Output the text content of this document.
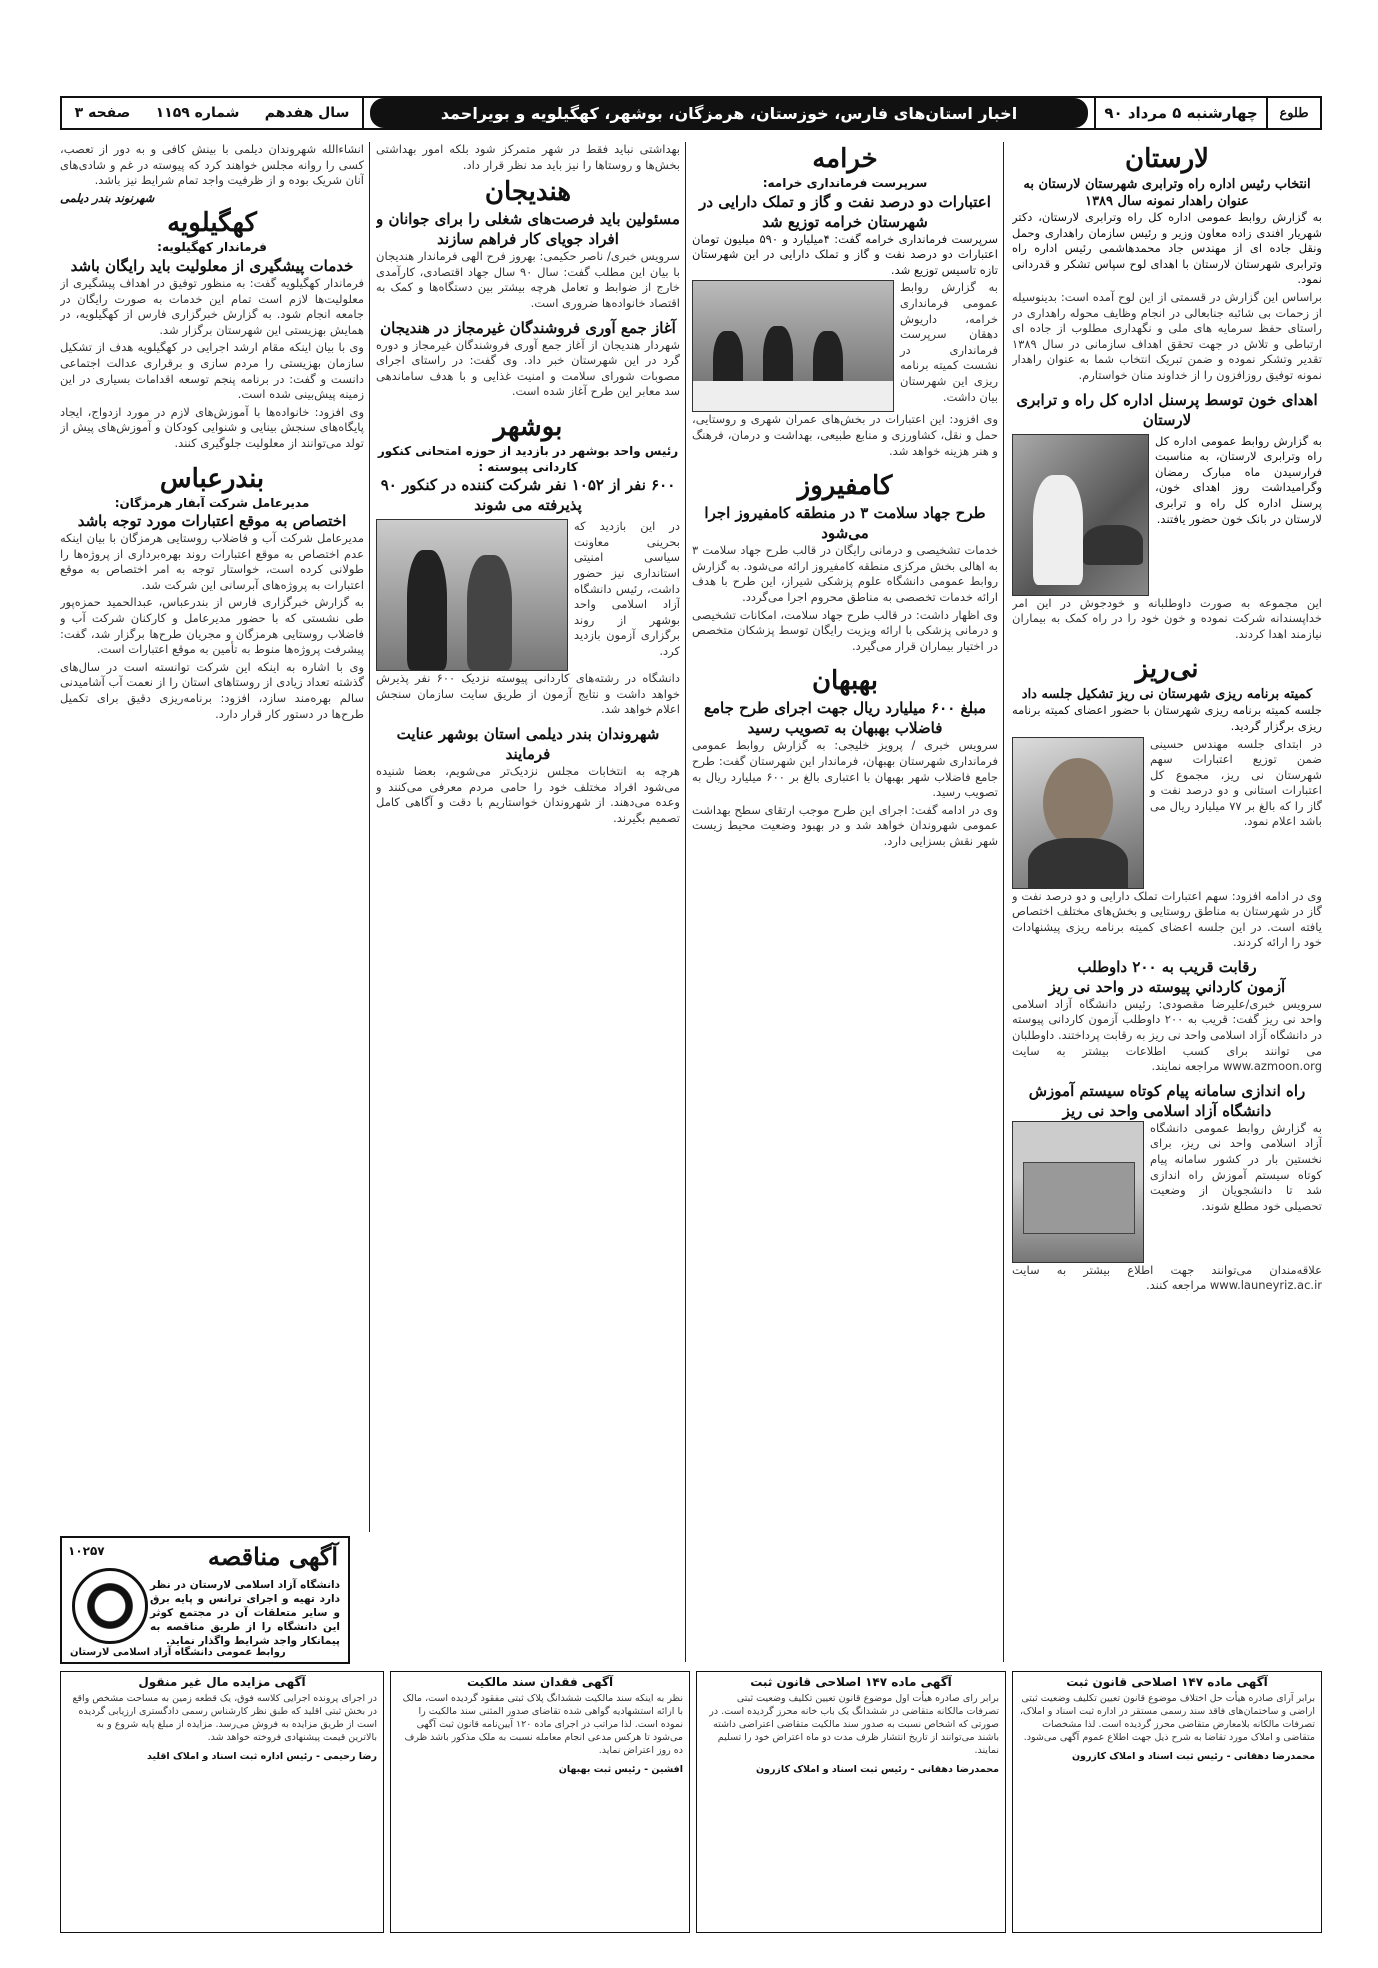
طلوع
چهارشنبه ۵ مرداد ۹۰
اخبار استان‌های فارس، خوزستان، هرمزگان، بوشهر، کهگیلویه و بویراحمد
سال هفدهم
شماره ۱۱۵۹
صفحه ۳
لارستان
انتخاب رئیس اداره راه وترابری شهرستان لارستان به عنوان راهدار نمونه سال ۱۳۸۹

به گزارش روابط عمومی اداره کل راه وترابری لارستان، دکتر شهریار افندی زاده معاون وزیر و رئیس سازمان راهداری وحمل ونقل جاده ای از مهندس جاد محمدهاشمی رئیس اداره راه وترابری شهرستان لارستان با اهدای لوح سپاس تشکر و قدردانی نمود.

براساس این گزارش در قسمتی از این لوح آمده است: بدینوسیله از زحمات بی شائبه جنابعالی در انجام وظایف محوله راهداری در راستای حفظ سرمایه های ملی و نگهداری مطلوب از جاده ای ارتباطی و تلاش در جهت تحقق اهداف سازمانی در سال ۱۳۸۹ تقدیر وتشکر نموده و ضمن تبریک انتخاب شما به عنوان راهدار نمونه توفیق روزافزون را از خداوند منان خواستارم.

اهدای خون توسط پرسنل اداره کل راه و ترابری لارستان

به گزارش روابط عمومی اداره کل راه وترابری لارستان، به مناسبت فرارسیدن ماه مبارک رمضان وگرامیداشت روز اهدای خون، پرسنل اداره کل راه و ترابری لارستان در بانک خون حضور یافتند.

این مجموعه به صورت داوطلبانه و خودجوش در این امر خداپسندانه شرکت نموده و خون خود را در راه کمک به بیماران نیازمند اهدا کردند.

نی‌ریز
کمیته برنامه ریزی شهرستان نی ریز تشکیل جلسه داد

جلسه کمیته برنامه ریزی شهرستان با حضور اعضای کمیته برنامه ریزی برگزار گردید.

در ابتدای جلسه مهندس حسینی ضمن توزیع اعتبارات سهم شهرستان نی ریز، مجموع کل اعتبارات استانی و دو درصد نفت و گاز را که بالغ بر ۷۷ میلیارد ریال می باشد اعلام نمود.

وی در ادامه افزود: سهم اعتبارات تملک دارایی و دو درصد نفت و گاز در شهرستان به مناطق روستایی و بخش‌های مختلف اختصاص یافته است. در این جلسه اعضای کمیته برنامه ریزی پیشنهادات خود را ارائه کردند.

رقابت قریب به ۲۰۰ داوطلب
آزمون کارداني پیوسته در واحد نی ریز

سرویس خبری/علیرضا مقصودی: رئیس دانشگاه آزاد اسلامی واحد نی ریز گفت: قریب به ۲۰۰ داوطلب آزمون کاردانی پیوسته در دانشگاه آزاد اسلامی واحد نی ریز به رقابت پرداختند. داوطلبان می توانند برای کسب اطلاعات بیشتر به سایت www.azmoon.org مراجعه نمایند.

راه اندازی سامانه پیام کوتاه سیستم آموزش دانشگاه آزاد اسلامی واحد نی ریز

به گزارش روابط عمومی دانشگاه آزاد اسلامی واحد نی ریز، برای نخستین بار در کشور سامانه پیام کوتاه سیستم آموزش راه اندازی شد تا دانشجویان از وضعیت تحصیلی خود مطلع شوند.

علاقه‌مندان می‌توانند جهت اطلاع بیشتر به سایت www.launeyriz.ac.ir مراجعه کنند.

خرامه
سرپرست فرمانداری خرامه:
اعتبارات دو درصد نفت و گاز و تملک دارایی در شهرستان خرامه توزیع شد

سرپرست فرمانداری خرامه گفت: ۴میلیارد و ۵۹۰ میلیون تومان اعتبارات دو درصد نفت و گاز و تملک دارایی در این شهرستان تازه تاسیس توزیع شد.

به گزارش روابط عمومی فرمانداری خرامه، داریوش دهقان سرپرست فرمانداری در نشست کمیته برنامه ریزی این شهرستان بیان داشت.

وی افزود: این اعتبارات در بخش‌های عمران شهری و روستایی، حمل و نقل، کشاورزی و منابع طبیعی، بهداشت و درمان، فرهنگ و هنر هزینه خواهد شد.

کامفیروز
طرح جهاد سلامت ۳ در منطقه کامفیروز اجرا می‌شود

خدمات تشخیصی و درمانی رایگان در قالب طرح جهاد سلامت ۳ به اهالی بخش مرکزی منطقه کامفیروز ارائه می‌شود. به گزارش روابط عمومی دانشگاه علوم پزشکی شیراز، این طرح با هدف ارائه خدمات تخصصی به مناطق محروم اجرا می‌گردد.

وی اظهار داشت: در قالب طرح جهاد سلامت، امکانات تشخیصی و درمانی پزشکی با ارائه ویزیت رایگان توسط پزشکان متخصص در اختیار بیماران قرار می‌گیرد.

بهبهان
مبلغ ۶۰۰ میلیارد ریال جهت اجرای طرح جامع فاضلاب بهبهان به تصویب رسید

سرویس خبری / پرویز خلیجی: به گزارش روابط عمومی فرمانداری شهرستان بهبهان، فرماندار این شهرستان گفت: طرح جامع فاضلاب شهر بهبهان با اعتباری بالغ بر ۶۰۰ میلیارد ریال به تصویب رسید.

وی در ادامه گفت: اجرای این طرح موجب ارتقای سطح بهداشت عمومی شهروندان خواهد شد و در بهبود وضعیت محیط زیست شهر نقش بسزایی دارد.

بهداشتی نباید فقط در شهر متمرکز شود بلکه امور بهداشتی بخش‌ها و روستاها را نیز باید مد نظر قرار داد.

هندیجان
مسئولین باید فرصت‌های شغلی را برای جوانان و افراد جویای کار فراهم سازند

سرویس خبری/ ناصر حکیمی: بهروز فرح الهی فرماندار هندیجان با بیان این مطلب گفت: سال ۹۰ سال جهاد اقتصادی، کارآمدی خارج از ضوابط و تعامل هرچه بیشتر بین دستگاه‌ها و کمک به اقتصاد خانواده‌ها ضروری است.

آغاز جمع آوری فروشندگان غیرمجاز در هندیجان

شهردار هندیجان از آغاز جمع آوری فروشندگان غیرمجاز و دوره گرد در این شهرستان خبر داد. وی گفت: در راستای اجرای مصوبات شورای سلامت و امنیت غذایی و با هدف ساماندهی سد معابر این طرح آغاز شده است.

بوشهر
رئیس واحد بوشهر در بازدید از حوزه امتحانی کنکور کاردانی پیوسته :
۶۰۰ نفر از ۱۰۵۲ نفر شرکت کننده در کنکور ۹۰ پذیرفته می شوند

در این بازدید که بحرینی معاونت سیاسی امنیتی استانداری نیز حضور داشت، رئیس دانشگاه آزاد اسلامی واحد بوشهر از روند برگزاری آزمون بازدید کرد.

دانشگاه در رشته‌های کاردانی پیوسته نزدیک ۶۰۰ نفر پذیرش خواهد داشت و نتایج آزمون از طریق سایت سازمان سنجش اعلام خواهد شد.

شهروندان بندر دیلمی استان بوشهر عنایت فرمایند

هرچه به انتخابات مجلس نزدیک‌تر می‌شویم، بعضا شنیده می‌شود افراد مختلف خود را حامی مردم معرفی می‌کنند و وعده می‌دهند. از شهروندان خواستاریم با دقت و آگاهی کامل تصمیم بگیرند.

انشاءالله شهروندان دیلمی با بینش کافی و به دور از تعصب، کسی را روانه مجلس خواهند کرد که پیوسته در غم و شادی‌های آنان شریک بوده و از ظرفیت واجد تمام شرایط نیز باشد.

شهرنوند بندر دیلمی
کهگیلویه
فرماندار کهگیلویه:
خدمات پیشگیری از معلولیت باید رایگان باشد

فرماندار کهگیلویه گفت: به منظور توفیق در اهداف پیشگیری از معلولیت‌ها لازم است تمام این خدمات به صورت رایگان در جامعه انجام شود. به گزارش خبرگزاری فارس از کهگیلویه، در همایش بهزیستی این شهرستان برگزار شد.

وی با بیان اینکه مقام ارشد اجرایی در کهگیلویه هدف از تشکیل سازمان بهزیستی را مردم سازی و برقراری عدالت اجتماعی دانست و گفت: در برنامه پنجم توسعه اقدامات بسیاری در این زمینه پیش‌بینی شده است.

وی افزود: خانواده‌ها با آموزش‌های لازم در مورد ازدواج، ایجاد پایگاه‌های سنجش بینایی و شنوایی کودکان و آموزش‌های پیش از تولد می‌توانند از معلولیت جلوگیری کنند.

بندرعباس
مدیرعامل شرکت آبفار هرمزگان:
اختصاص به موقع اعتبارات مورد توجه باشد

مدیرعامل شرکت آب و فاضلاب روستایی هرمزگان با بیان اینکه عدم اختصاص به موقع اعتبارات روند بهره‌برداری از پروژه‌ها را طولانی کرده است، خواستار توجه به امر اختصاص به موقع اعتبارات به پروژه‌های آبرسانی این شرکت شد.

به گزارش خبرگزاری فارس از بندرعباس، عبدالحمید حمزه‌پور طی نشستی که با حضور مدیرعامل و کارکنان شرکت آب و فاضلاب روستایی هرمزگان و مجریان طرح‌ها برگزار شد، گفت: پیشرفت پروژه‌ها منوط به تأمین به موقع اعتبارات است.

وی با اشاره به اینکه این شرکت توانسته است در سال‌های گذشته تعداد زیادی از روستاهای استان را از نعمت آب آشامیدنی سالم بهره‌مند سازد، افزود: برنامه‌ریزی دقیق برای تکمیل طرح‌ها در دستور کار قرار دارد.

۱۰۲۵۷	آگهی مناقصه
دانشگاه آزاد اسلامی لارستان در نظر دارد تهیه و اجرای ترانس و پایه برق و سایر متعلقات آن در مجتمع کوثر این دانشگاه را از طریق مناقصه به پیمانکار واجد شرایط واگذار نماید.
روابط عمومی دانشگاه آزاد اسلامی لارستان
آگهی ماده ۱۴۷ اصلاحی قانون ثبت
برابر آرای صادره هیأت حل اختلاف موضوع قانون تعیین تکلیف وضعیت ثبتی اراضی و ساختمان‌های فاقد سند رسمی مستقر در اداره ثبت اسناد و املاک، تصرفات مالکانه بلامعارض متقاضی محرز گردیده است. لذا مشخصات متقاضی و املاک مورد تقاضا به شرح ذیل جهت اطلاع عموم آگهی می‌شود.
محمدرضا دهقانی - رئیس ثبت اسناد و املاک کازرون
آگهی ماده ۱۴۷ اصلاحی قانون ثبت
برابر رای صادره هیأت اول موضوع قانون تعیین تکلیف وضعیت ثبتی تصرفات مالکانه متقاضی در ششدانگ یک باب خانه محرز گردیده است. در صورتی که اشخاص نسبت به صدور سند مالکیت متقاضی اعتراضی داشته باشند می‌توانند از تاریخ انتشار ظرف مدت دو ماه اعتراض خود را تسلیم نمایند.
محمدرضا دهقانی - رئیس ثبت اسناد و املاک کازرون
آگهی فقدان سند مالکیت
نظر به اینکه سند مالکیت ششدانگ پلاک ثبتی مفقود گردیده است، مالک با ارائه استشهادیه گواهی شده تقاضای صدور المثنی سند مالکیت را نموده است. لذا مراتب در اجرای ماده ۱۲۰ آیین‌نامه قانون ثبت آگهی می‌شود تا هرکس مدعی انجام معامله نسبت به ملک مذکور باشد ظرف ده روز اعتراض نماید.
افشین - رئیس ثبت بهبهان
آگهی مزایده مال غیر منقول
در اجرای پرونده اجرایی کلاسه فوق، یک قطعه زمین به مساحت مشخص واقع در بخش ثبتی اقلید که طبق نظر کارشناس رسمی دادگستری ارزیابی گردیده است از طریق مزایده به فروش می‌رسد. مزایده از مبلغ پایه شروع و به بالاترین قیمت پیشنهادی فروخته خواهد شد.
رضا رحیمی - رئیس اداره ثبت اسناد و املاک اقلید
